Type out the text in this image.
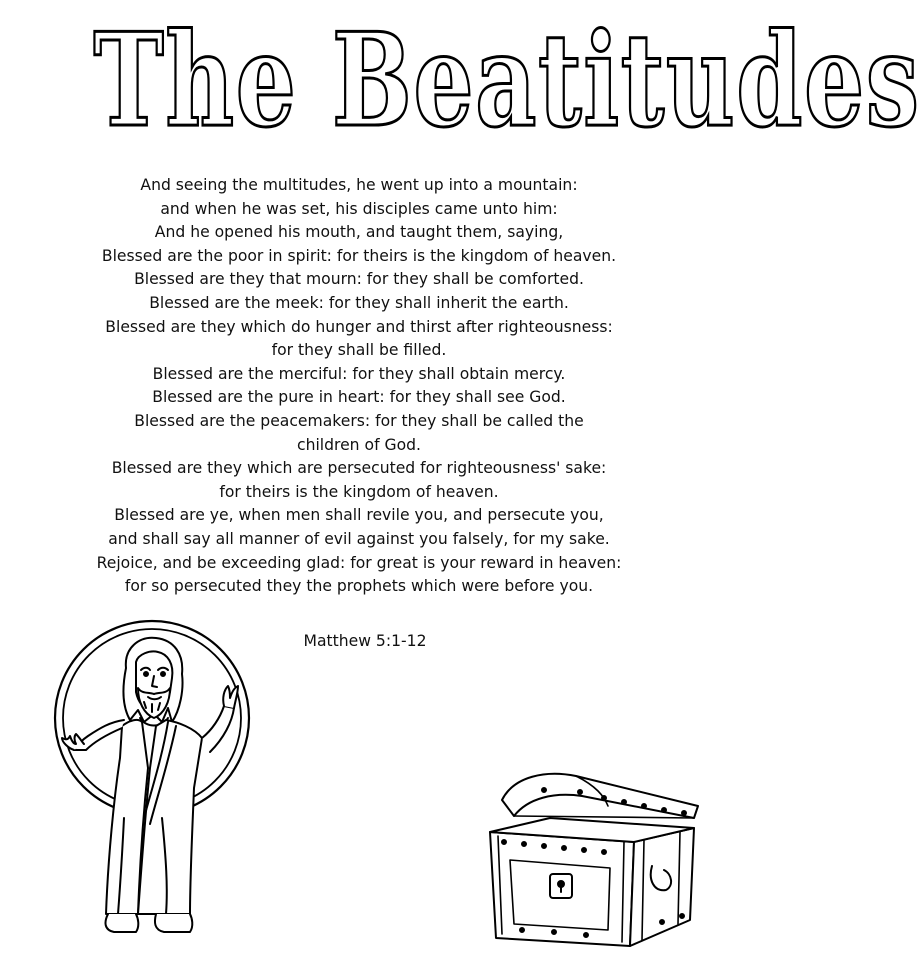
The Beatitudes
And seeing the multitudes, he went up into a mountain:
and when he was set, his disciples came unto him:
And he opened his mouth, and taught them, saying,
Blessed are the poor in spirit: for theirs is the kingdom of heaven.
Blessed are they that mourn: for they shall be comforted.
Blessed are the meek: for they shall inherit the earth.
Blessed are they which do hunger and thirst after righteousness:
for they shall be filled.
Blessed are the merciful: for they shall obtain mercy.
Blessed are the pure in heart: for they shall see God.
Blessed are the peacemakers: for they shall be called the
children of God.
Blessed are they which are persecuted for righteousness' sake:
for theirs is the kingdom of heaven.
Blessed are ye, when men shall revile you, and persecute you,
and shall say all manner of evil against you falsely, for my sake.
Rejoice, and be exceeding glad: for great is your reward in heaven:
for so persecuted they the prophets which were before you.
Matthew 5:1-12
